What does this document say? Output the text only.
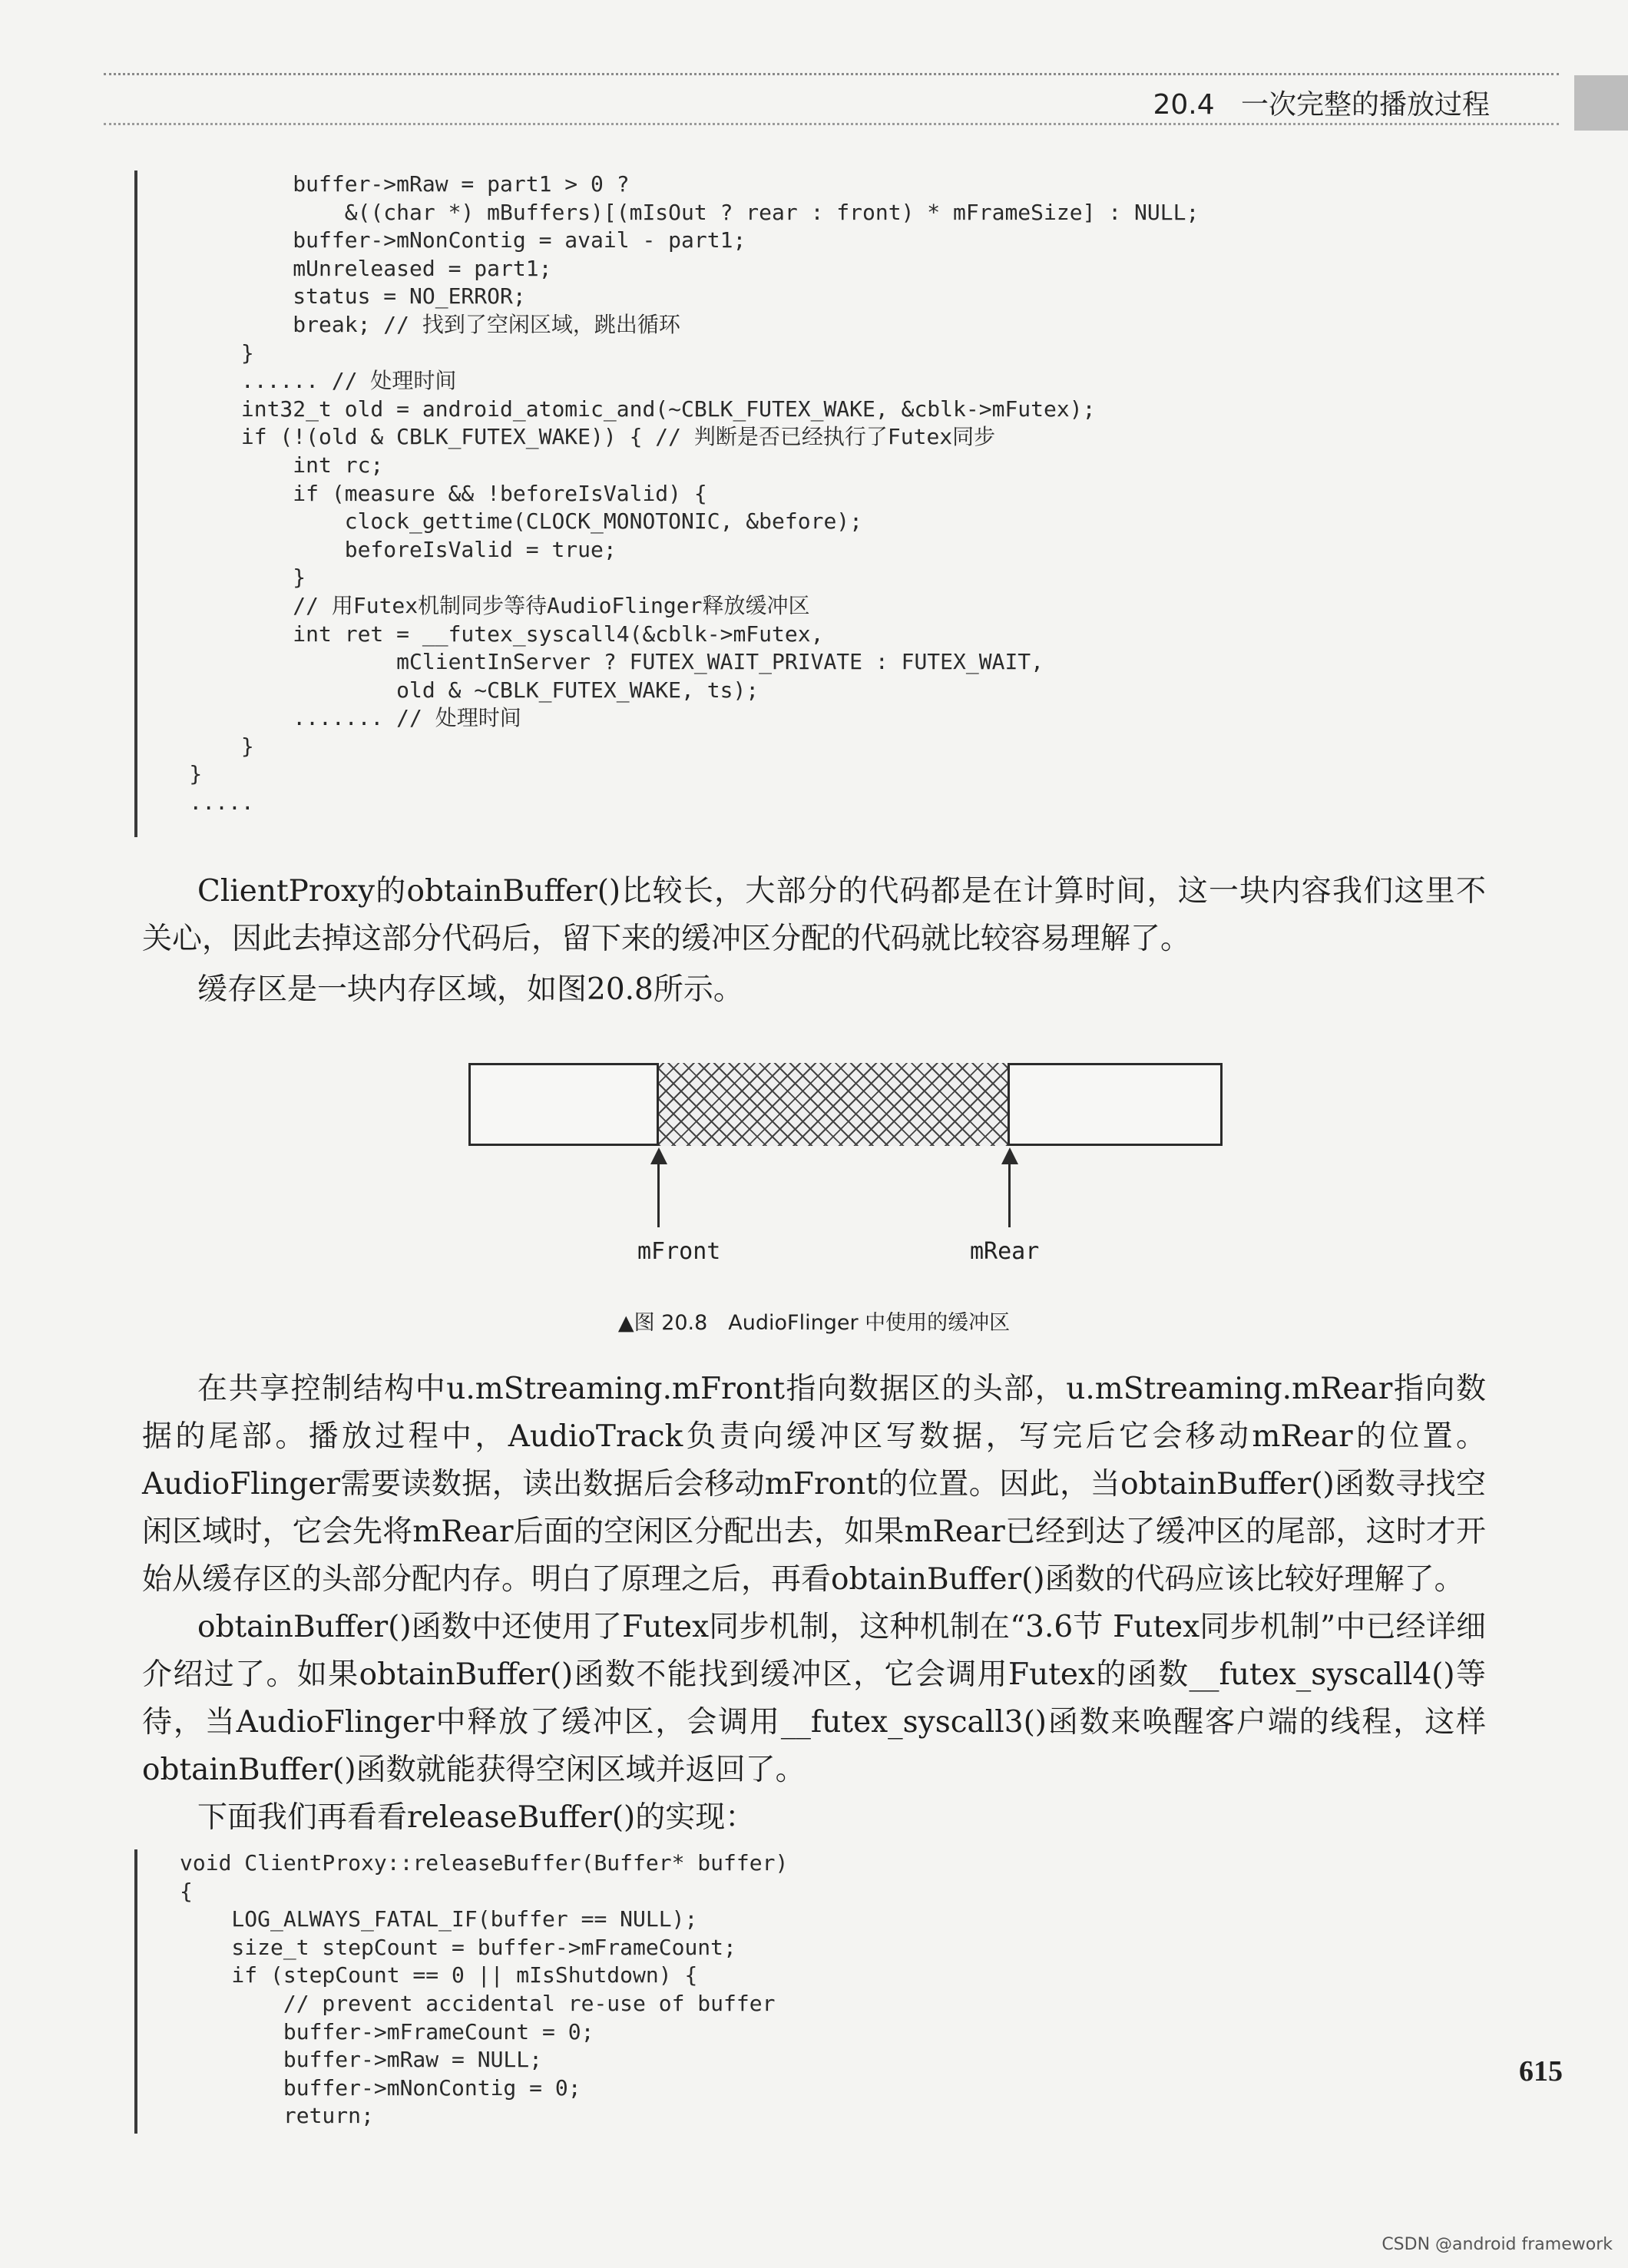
20.4 一次完整的播放过程
buffer->mRaw = part1 > 0 ?
&((char *) mBuffers)[(mIsOut ? rear : front) * mFrameSize] : NULL;
buffer->mNonContig = avail - part1;
mUnreleased = part1;
status = NO_ERROR;
break; // 找到了空闲区域，跳出循环
}
...... // 处理时间
int32_t old = android_atomic_and(~CBLK_FUTEX_WAKE, &cblk->mFutex);
if (!(old & CBLK_FUTEX_WAKE)) { // 判断是否已经执行了Futex同步
int rc;
if (measure && !beforeIsValid) {
clock_gettime(CLOCK_MONOTONIC, &before);
beforeIsValid = true;
}
// 用Futex机制同步等待AudioFlinger释放缓冲区
int ret = __futex_syscall4(&cblk->mFutex,
mClientInServer ? FUTEX_WAIT_PRIVATE : FUTEX_WAIT,
old & ~CBLK_FUTEX_WAKE, ts);
....... // 处理时间
}
}
.....
ClientProxy的obtainBuffer()比较长，大部分的代码都是在计算时间，这一块内容我们这里不关心，因此去掉这部分代码后，留下来的缓冲区分配的代码就比较容易理解了。
缓存区是一块内存区域，如图20.8所示。
mFront	mRear
▲图 20.8　AudioFlinger 中使用的缓冲区
在共享控制结构中u.mStreaming.mFront指向数据区的头部，u.mStreaming.mRear指向数据的尾部。播放过程中，AudioTrack负责向缓冲区写数据，写完后它会移动mRear的位置。AudioFlinger需要读数据，读出数据后会移动mFront的位置。因此，当obtainBuffer()函数寻找空闲区域时，它会先将mRear后面的空闲区分配出去，如果mRear已经到达了缓冲区的尾部，这时才开始从缓存区的头部分配内存。明白了原理之后，再看obtainBuffer()函数的代码应该比较好理解了。
obtainBuffer()函数中还使用了Futex同步机制，这种机制在“3.6节 Futex同步机制”中已经详细介绍过了。如果obtainBuffer()函数不能找到缓冲区，它会调用Futex的函数__futex_syscall4()等待，当AudioFlinger中释放了缓冲区，会调用__futex_syscall3()函数来唤醒客户端的线程，这样obtainBuffer()函数就能获得空闲区域并返回了。
下面我们再看看releaseBuffer()的实现：
void ClientProxy::releaseBuffer(Buffer* buffer)
{
LOG_ALWAYS_FATAL_IF(buffer == NULL);
size_t stepCount = buffer->mFrameCount;
if (stepCount == 0 || mIsShutdown) {
// prevent accidental re-use of buffer
buffer->mFrameCount = 0;
buffer->mRaw = NULL;
buffer->mNonContig = 0;
return;
615
CSDN @android framework
